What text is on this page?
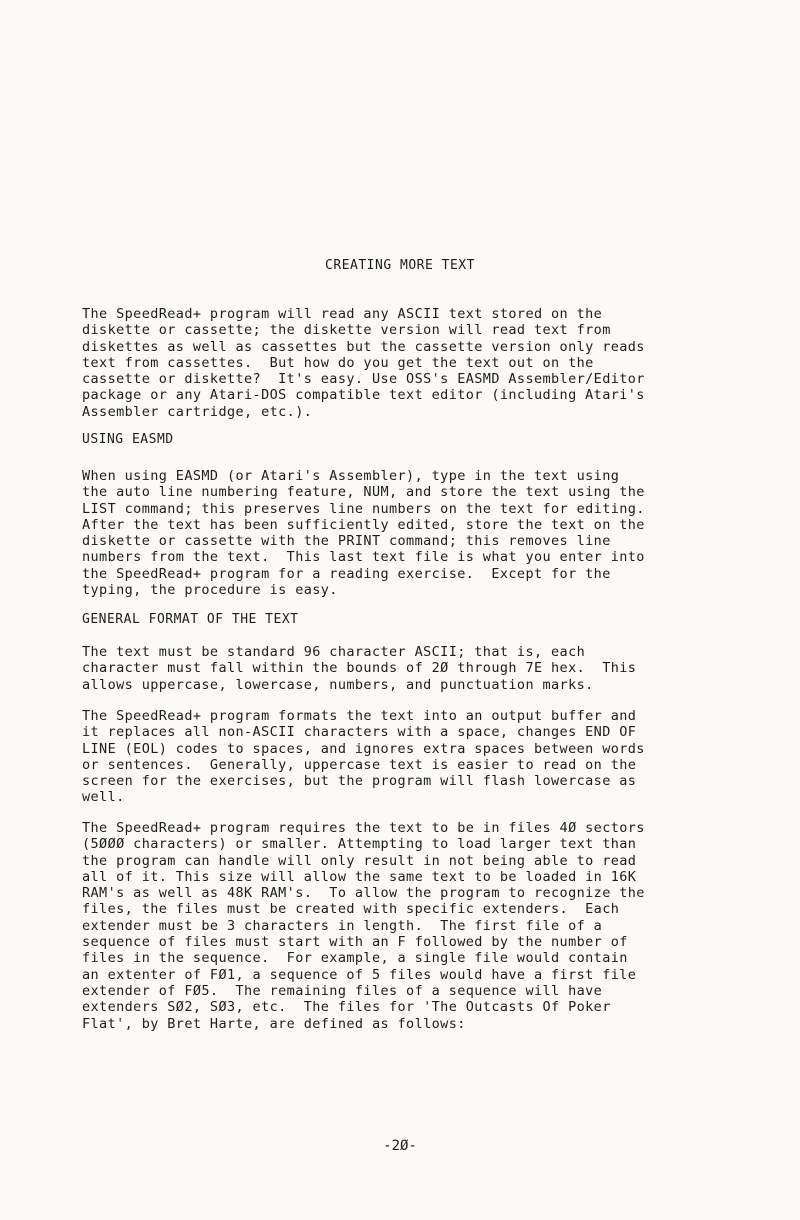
CREATING MORE TEXT
The SpeedRead+ program will read any ASCII text stored on the
diskette or cassette; the diskette version will read text from
diskettes as well as cassettes but the cassette version only reads
text from cassettes.  But how do you get the text out on the
cassette or diskette?  It's easy. Use OSS's EASMD Assembler/Editor
package or any Atari-DOS compatible text editor (including Atari's
Assembler cartridge, etc.).
USING EASMD
When using EASMD (or Atari's Assembler), type in the text using
the auto line numbering feature, NUM, and store the text using the
LIST command; this preserves line numbers on the text for editing.
After the text has been sufficiently edited, store the text on the
diskette or cassette with the PRINT command; this removes line
numbers from the text.  This last text file is what you enter into
the SpeedRead+ program for a reading exercise.  Except for the
typing, the procedure is easy.
GENERAL FORMAT OF THE TEXT
The text must be standard 96 character ASCII; that is, each
character must fall within the bounds of 2Ø through 7E hex.  This
allows uppercase, lowercase, numbers, and punctuation marks.
The SpeedRead+ program formats the text into an output buffer and
it replaces all non-ASCII characters with a space, changes END OF
LINE (EOL) codes to spaces, and ignores extra spaces between words
or sentences.  Generally, uppercase text is easier to read on the
screen for the exercises, but the program will flash lowercase as
well.
The SpeedRead+ program requires the text to be in files 4Ø sectors
(5ØØØ characters) or smaller. Attempting to load larger text than
the program can handle will only result in not being able to read
all of it. This size will allow the same text to be loaded in 16K
RAM's as well as 48K RAM's.  To allow the program to recognize the
files, the files must be created with specific extenders.  Each
extender must be 3 characters in length.  The first file of a
sequence of files must start with an F followed by the number of
files in the sequence.  For example, a single file would contain
an extenter of FØ1, a sequence of 5 files would have a first file
extender of FØ5.  The remaining files of a sequence will have
extenders SØ2, SØ3, etc.  The files for 'The Outcasts Of Poker
Flat', by Bret Harte, are defined as follows:
-2Ø-
